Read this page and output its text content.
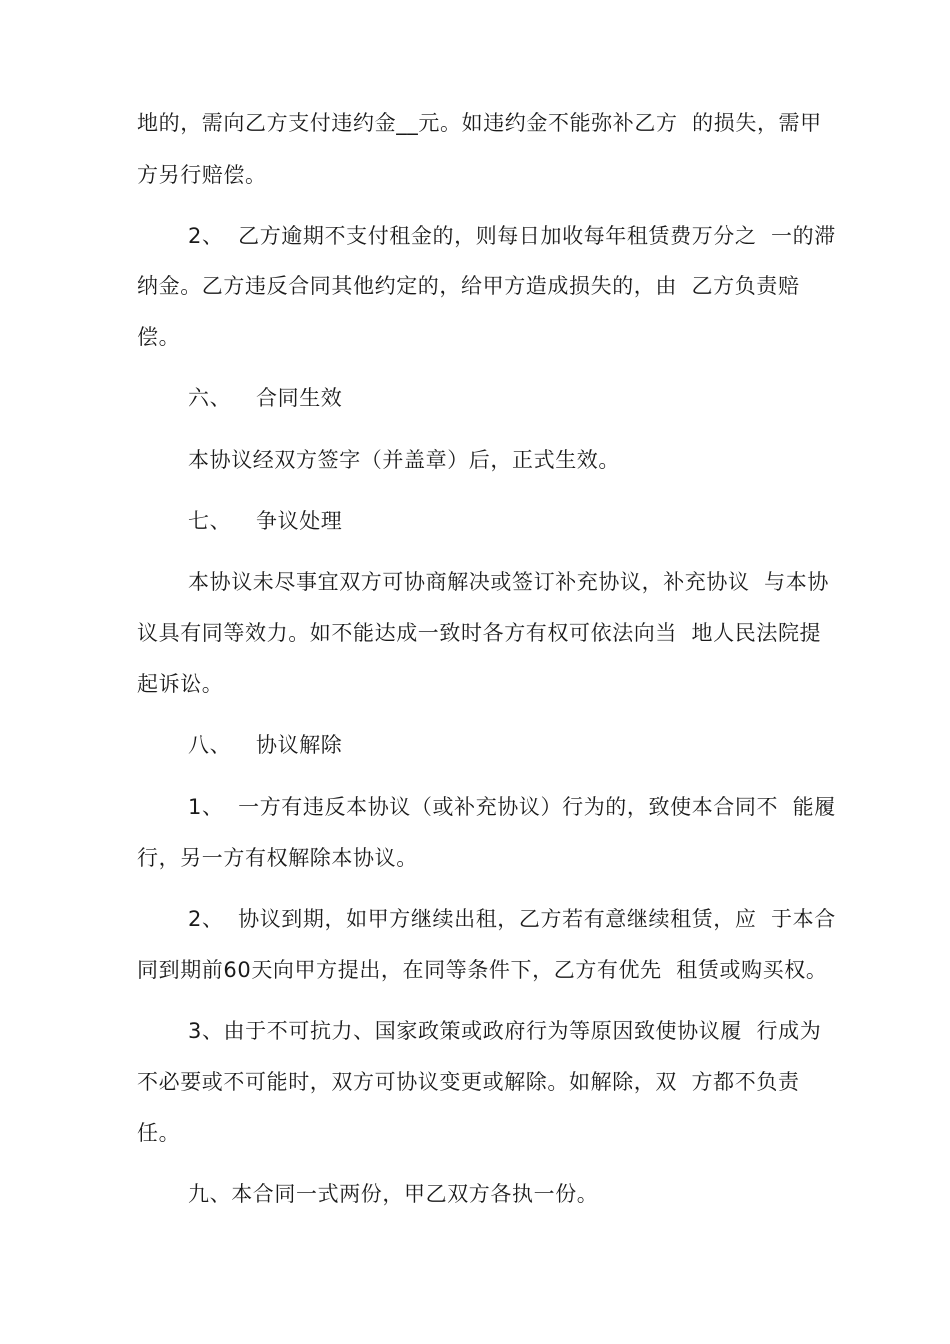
地的，需向乙方支付违约金__元。如违约金不能弥补乙方  的损失，需甲
方另行赔偿。
2、  乙方逾期不支付租金的，则每日加收每年租赁费万分之  一的滞
纳金。乙方违反合同其他约定的，给甲方造成损失的，由  乙方负责赔
偿。
六、 合同生效
本协议经双方签字（并盖章）后，正式生效。
七、 争议处理
本协议未尽事宜双方可协商解决或签订补充协议，补充协议  与本协
议具有同等效力。如不能达成一致时各方有权可依法向当  地人民法院提
起诉讼。
八、 协议解除
1、  一方有违反本协议（或补充协议）行为的，致使本合同不  能履
行，另一方有权解除本协议。
2、  协议到期，如甲方继续出租，乙方若有意继续租赁，应  于本合
同到期前60天向甲方提出，在同等条件下，乙方有优先  租赁或购买权。
3、由于不可抗力、国家政策或政府行为等原因致使协议履  行成为
不必要或不可能时，双方可协议变更或解除。如解除，双  方都不负责
任。
九、本合同一式两份，甲乙双方各执一份。
